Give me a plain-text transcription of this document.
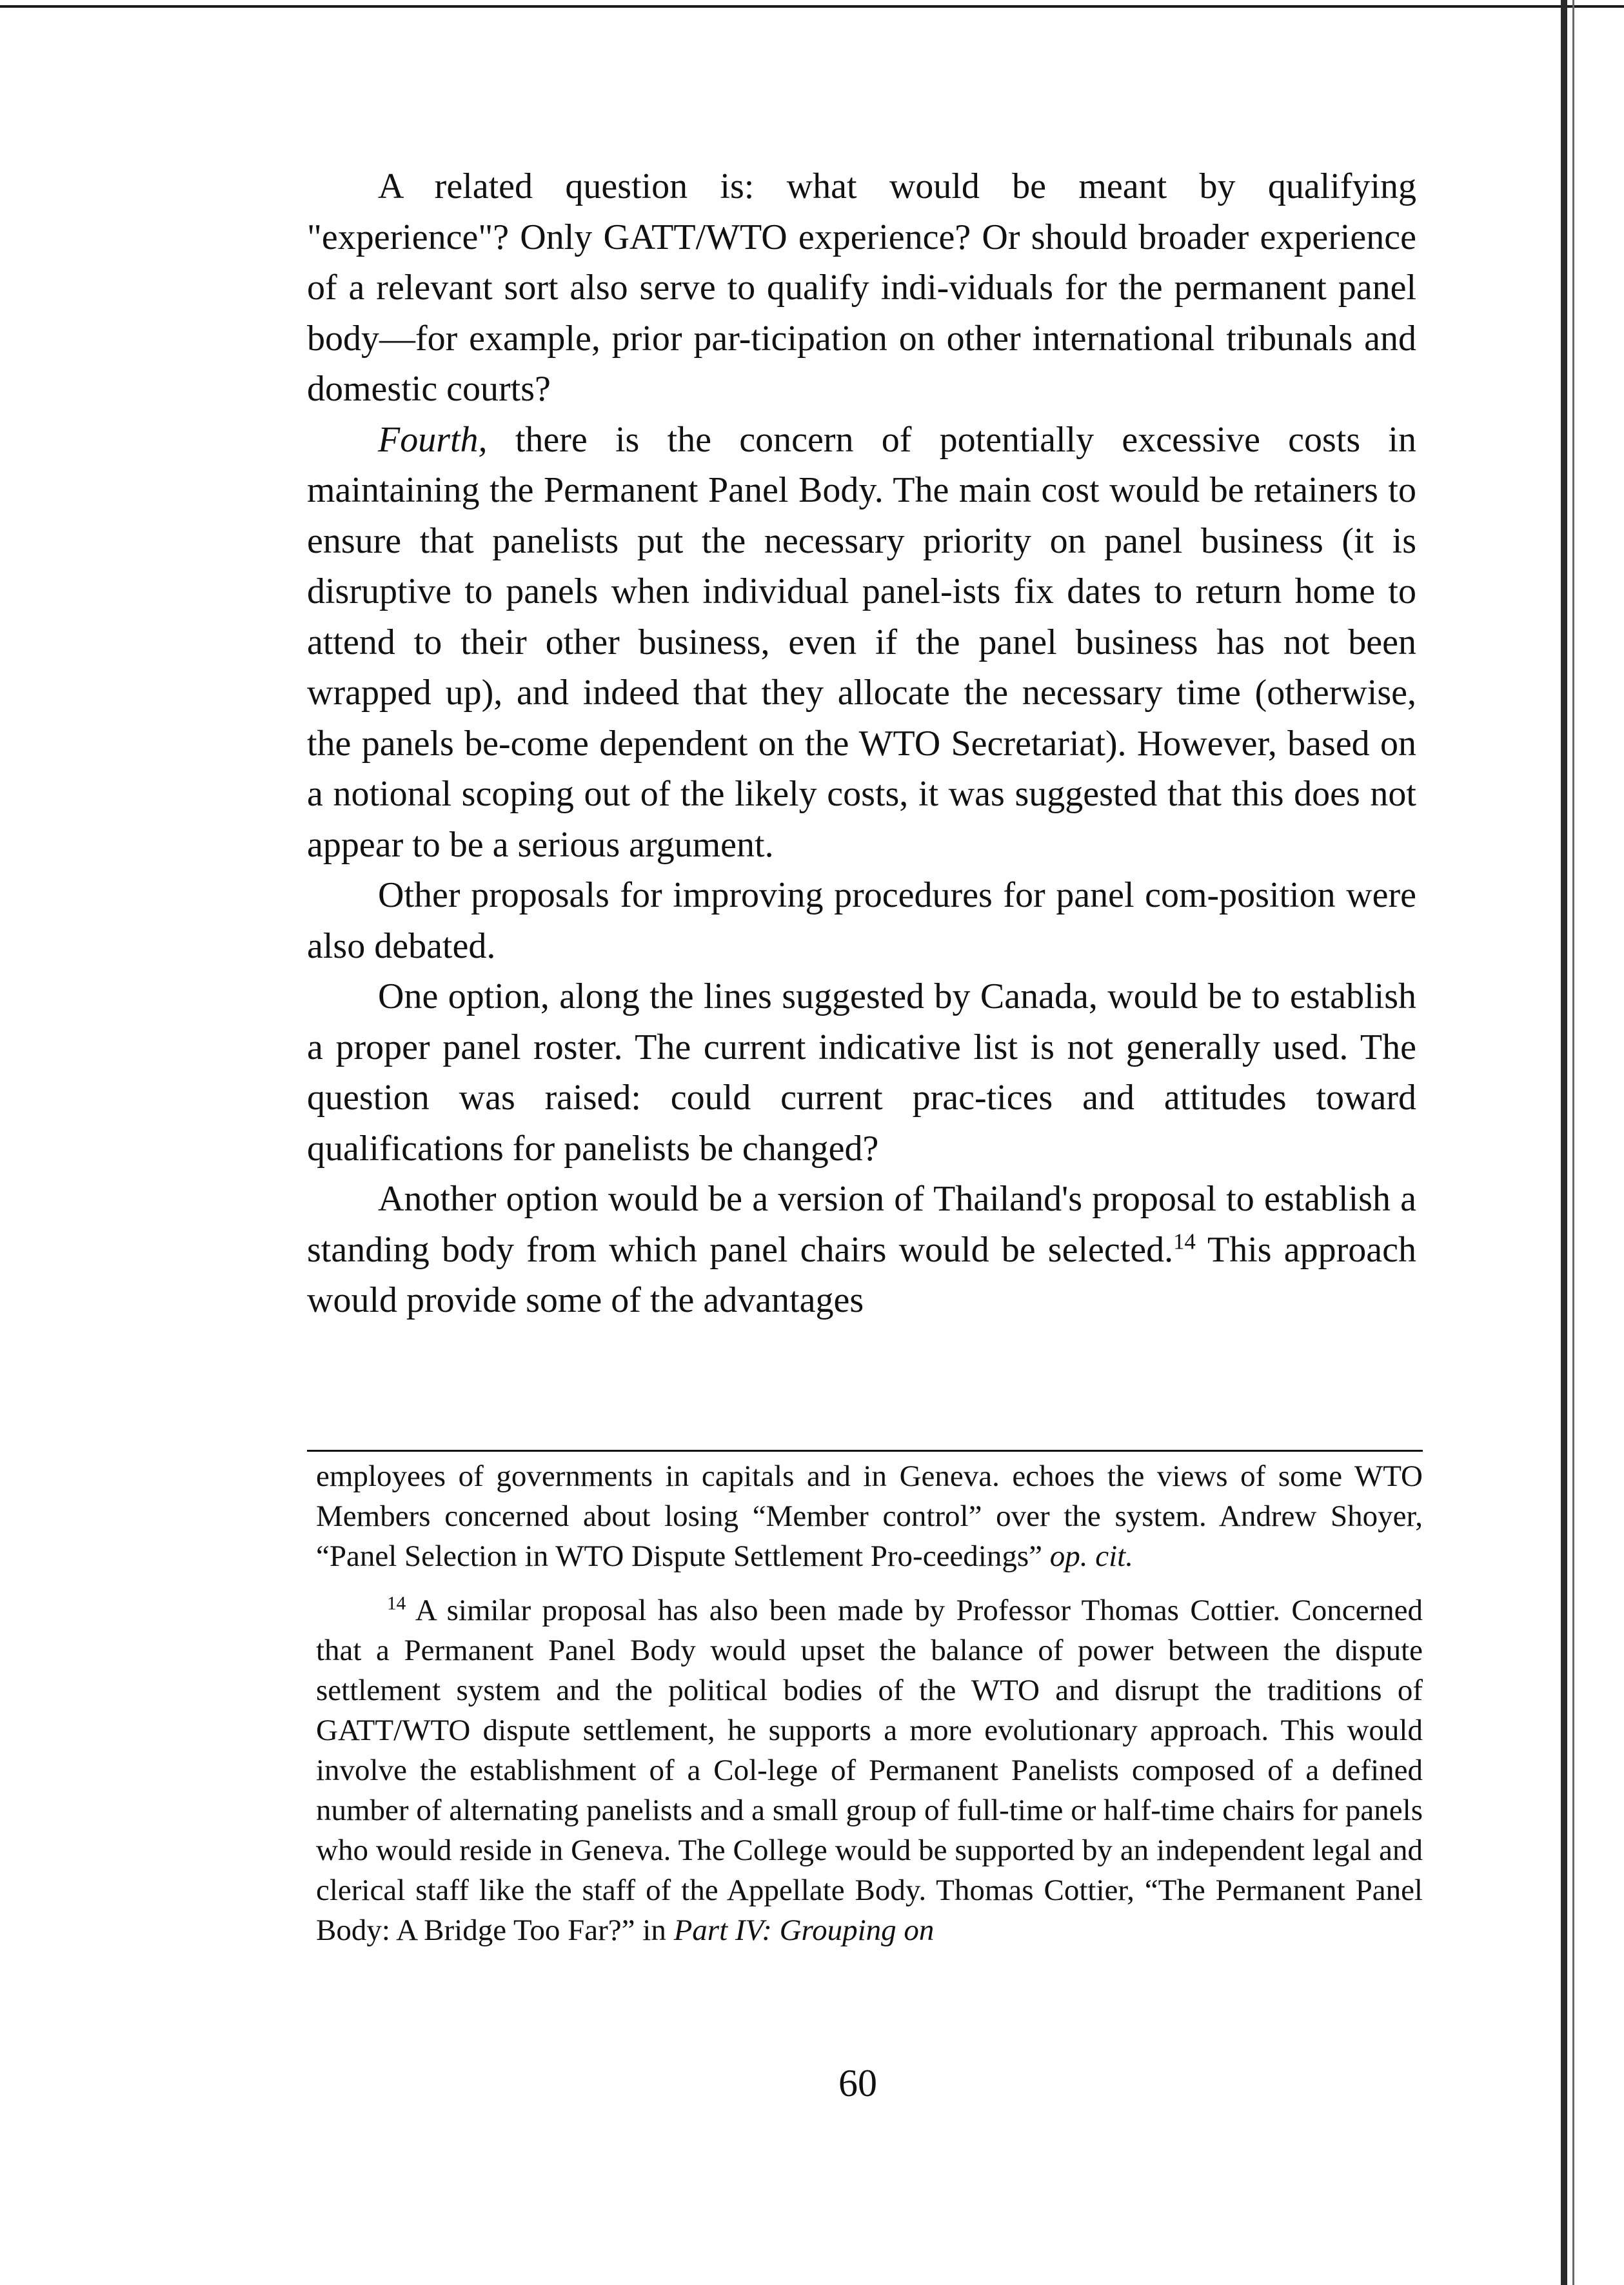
A related question is: what would be meant by qualifying "experience"? Only GATT/WTO experience? Or should broader experience of a relevant sort also serve to qualify indi-viduals for the permanent panel body—for example, prior par-ticipation on other international tribunals and domestic courts?

Fourth, there is the concern of potentially excessive costs in maintaining the Permanent Panel Body. The main cost would be retainers to ensure that panelists put the necessary priority on panel business (it is disruptive to panels when individual panel-ists fix dates to return home to attend to their other business, even if the panel business has not been wrapped up), and indeed that they allocate the necessary time (otherwise, the panels be-come dependent on the WTO Secretariat). However, based on a notional scoping out of the likely costs, it was suggested that this does not appear to be a serious argument.

Other proposals for improving procedures for panel com-position were also debated.

One option, along the lines suggested by Canada, would be to establish a proper panel roster. The current indicative list is not generally used. The question was raised: could current prac-tices and attitudes toward qualifications for panelists be changed?

Another option would be a version of Thailand's proposal to establish a standing body from which panel chairs would be selected.$^{14}$ This approach would provide some of the advantages

employees of governments in capitals and in Geneva. echoes the views of some WTO Members concerned about losing “Member control” over the system. Andrew Shoyer, “Panel Selection in WTO Dispute Settlement Pro-ceedings” op. cit.

$^{14}$ A similar proposal has also been made by Professor Thomas Cottier. Concerned that a Permanent Panel Body would upset the balance of power between the dispute settlement system and the political bodies of the WTO and disrupt the traditions of GATT/WTO dispute settlement, he supports a more evolutionary approach. This would involve the establishment of a Col-lege of Permanent Panelists composed of a defined number of alternating panelists and a small group of full-time or half-time chairs for panels who would reside in Geneva. The College would be supported by an independent legal and clerical staff like the staff of the Appellate Body. Thomas Cottier, “The Permanent Panel Body: A Bridge Too Far?” in Part IV: Grouping on

60
